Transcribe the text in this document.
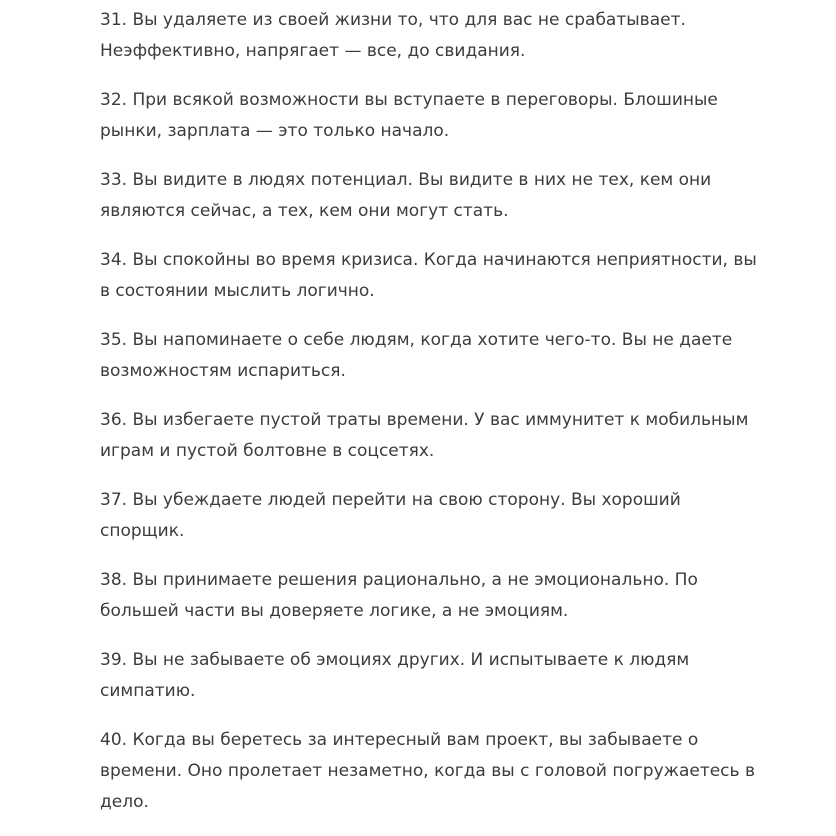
31. Вы удаляете из своей жизни то, что для вас не срабатывает. Неэффективно, напрягает — все, до свидания.

32. При всякой возможности вы вступаете в переговоры. Блошиные рынки, зарплата — это только начало.

33. Вы видите в людях потенциал. Вы видите в них не тех, кем они являются сейчас, а тех, кем они могут стать.

34. Вы спокойны во время кризиса. Когда начинаются неприятности, вы в состоянии мыслить логично.

35. Вы напоминаете о себе людям, когда хотите чего-то. Вы не даете возможностям испариться.

36. Вы избегаете пустой траты времени. У вас иммунитет к мобильным играм и пустой болтовне в соцсетях.

37. Вы убеждаете людей перейти на свою сторону. Вы хороший спорщик.

38. Вы принимаете решения рационально, а не эмоционально. По большей части вы доверяете логике, а не эмоциям.

39. Вы не забываете об эмоциях других. И испытываете к людям симпатию.

40. Когда вы беретесь за интересный вам проект, вы забываете о времени. Оно пролетает незаметно, когда вы с головой погружаетесь в дело.
